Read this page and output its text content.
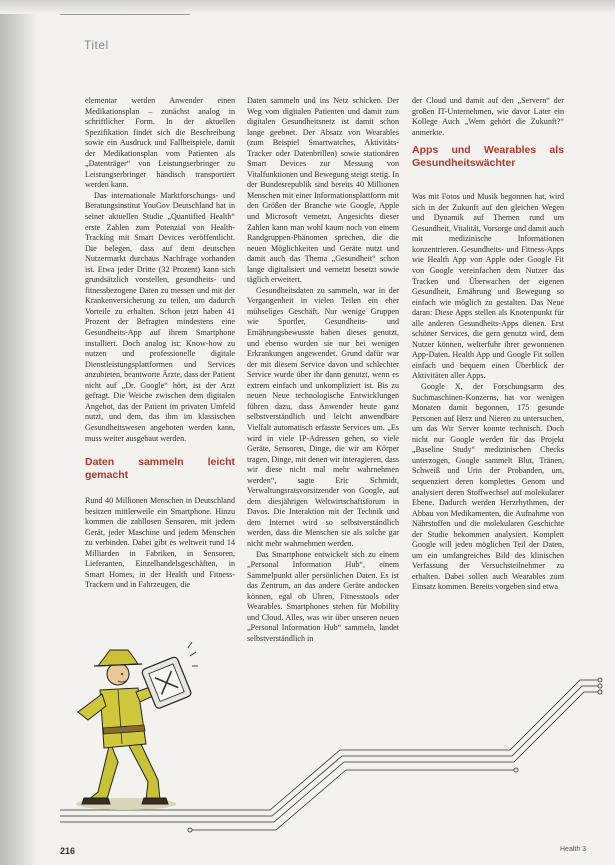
Titel

elementar werden Anwender einen Medikationsplan – zunächst analog in schriftlicher Form. In der aktuellen Spezifikation findet sich die Beschreibung sowie ein Ausdruck und Fallbeispiele, damit der Medikationsplan vom Patienten als „Datenträger“ von Leistungserbringer zu Leistungserbringer händisch transportiert werden kann.

Das internationale Marktforschungs- und Beratungsinstitut YouGov Deutschland hat in seiner aktuellen Studie „Quantified Health“ erste Zahlen zum Potenzial von Health-Tracking mit Smart Devices veröffentlicht. Die belegen, dass auf dem deutschen Nutzermarkt durchaus Nachfrage vorhanden ist. Etwa jeder Dritte (32 Prozent) kann sich grundsätzlich vorstellen, gesundheits- und fitnessbezogene Daten zu messen und mit der Krankenversicherung zu teilen, um dadurch Vorteile zu erhalten. Schon jetzt haben 41 Prozent der Befragten mindestens eine Gesundheits-App auf ihrem Smartphone installiert. Doch analog ist: Know-how zu nutzen und professionelle digitale Dienstleistungsplattformen und Services anzubieten, beantworte Ärzte, dass der Patient nicht auf „Dr. Google“ hört, ist der Arzt gefragt. Die Weiche zwischen dem digitalen Angebot, das der Patient im privaten Umfeld nutzt, und dem, das ihm im klassischen Gesundheitswesen angeboten werden kann, muss weiter ausgebaut werden.

Daten sammeln leicht gemacht

Rund 40 Millionen Menschen in Deutschland besitzen mittlerweile ein Smartphone. Hinzu kommen die zahllosen Sensoren, mit jedem Gerät, jeder Maschine und jedem Menschen zu verbinden. Dabei gibt es weltweit rund 14 Milliarden in Fabriken, in Sensoren, Lieferanten, Einzelhandelsgeschäften, in Smart Homes, in der Health und Fitness-Trackern und in Fahrzeugen, die

Daten sammeln und ins Netz schicken. Der Weg vom digitalen Patienten und damit zum digitalen Gesundheitsnetz ist damit schon lange geebnet. Der Absatz von Wearables (zum Beispiel Smartwatches, Aktivitäts-Tracker oder Datenbrillen) sowie stationären Smart Devices zur Messung von Vitalfunktionen und Bewegung steigt stetig. In der Bundesrepublik sind bereits 40 Millionen Menschen mit einer Informationsplattform mit den Größen der Branche wie Google, Apple und Microsoft vernetzt. Angesichts dieser Zahlen kann man wohl kaum noch von einem Randgruppen-Phänomen sprechen, die die neuen Möglichkeiten und Geräte nutzt und damit auch das Thema „Gesundheit“ schon lange digitalisiert und vernetzt besetzt sowie täglich erweitert.

Gesundheitsdaten zu sammeln, war in der Vergangenheit in vielen Teilen ein eher mühseliges Geschäft. Nur wenige Gruppen wie Sportler, Gesundheits- und Ernährungsbewusste haben dieses genutzt, und ebenso wurden sie nur bei wenigen Erkrankungen angewendet. Grund dafür war der mit diesem Service davon und schlechter Service wurde über ihr dann genutzt, wenn es extrem einfach und unkompliziert ist. Bis zu neuen Neue technologische Entwicklungen führen dazu, dass Anwender heute ganz selbstverständlich und leicht anwendbare Vielfalt automatisch erfasste Services um. „Es wird in viele IP-Adressen gehen, so viele Geräte, Sensoren, Dinge, die wir am Körper tragen, Dinge, mit denen wir interagieren, dass wir diese nicht mal mehr wahrnehmen werden“, sagte Eric Schmidt, Verwaltungsratsvorsitzender von Google, auf dem diesjährigen Weltwirtschaftsforum in Davos. Die Interaktion mit der Technik und dem Internet wird so selbstverständlich werden, dass die Menschen sie als solche gar nicht mehr wahrnehmen werden.

Das Smartphone entwickelt sich zu einem „Personal Information Hub“, einem Sammelpunkt aller persönlichen Daten. Es ist das Zentrum, an das andere Geräte andocken können, egal ob Uhren, Fitnesstools oder Wearables. Smartphones stehen für Mobility und Cloud. Alles, was wir über unseren neuen „Personal Information Hub“ sammeln, landet selbstverständlich in

der Cloud und damit auf den „Servern“ der großen IT-Unternehmen, wie davor Later ein Kollege Auch „Wem gehört die Zukunft?“ anmerkte.

Apps und Wearables als Gesundheitswächter

Was mit Fotos und Musik begonnen hat, wird sich in der Zukunft auf den gleichen Wegen und Dynamik auf Themen rund um Gesundheit, Vitalität, Vorsorge und damit auch mit medizinische Informationen konzentrieren. Gesundheits- und Fitness-Apps wie Health App von Apple oder Google Fit von Google vereinfachen dem Nutzer das Tracken und Überwachen der eigenen Gesundheit, Ernährung und Bewegung so einfach wie möglich zu gestalten. Das Neue daran: Diese Apps stellen als Knotenpunkt für alle anderen Gesundheits-Apps dienen. Erst schöner Services, die gern genutzt wird, dem Nutzer können, welterfuhr ihrer gewonnenen App-Daten. Health App und Google Fit sollen einfach und bequem einen Überblick der Aktivitäten aller Apps.

Google X, der Forschungsarm des Suchmaschinen-Konzerns, hat vor wenigen Monaten damit begonnen, 175 gesunde Personen auf Herz und Nieren zu untersuchen, um das Wir Server konnte technisch. Doch nicht nur Google werden für das Projekt „Baseline Study“ medizinischen Checks unterzogen, Google sammelt Blut, Tränen, Schweiß und Urin der Probanden, um, sequenziert deren komplettes Genom und analysiert deren Stoffwechsel auf molekularer Ebene. Dadurch werden Herzrhythmen, der Abbau von Medikamenten, die Aufnahme von Nährstoffen und die molekularen Geschichte der Studie bekommen analysiert. Komplett Google will jeden möglichen Teil der Daten, um ein umfangreiches Bild des klinischen Verfassung der Versuchsteilnehmer zu erhalten. Dabei sollen auch Wearables zum Einsatz kommen. Bereits vorgeben sind etwa

216	Health 3
